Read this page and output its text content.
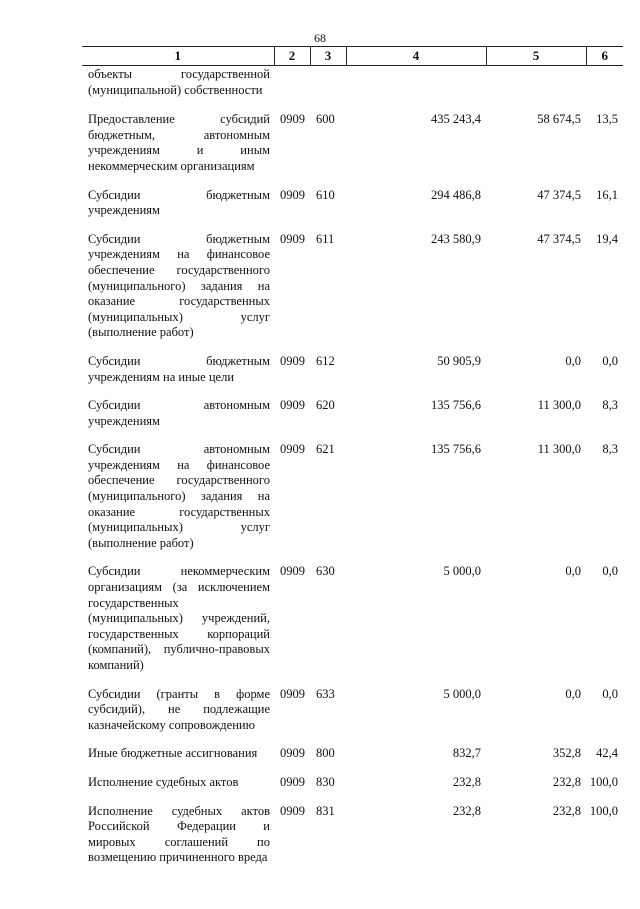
68
1	2	3	4	5	6
объекты государственной (муниципальной) собственности					
Предоставление субсидий бюджетным, автономным учреждениям и иным некоммерческим организациям	0909	600	435 243,4	58 674,5	13,5
Субсидии бюджетным учреждениям	0909	610	294 486,8	47 374,5	16,1
Субсидии бюджетным учреждениям на финансовое обеспечение государственного (муниципального) задания на оказание государственных (муниципальных) услуг (выполнение работ)	0909	611	243 580,9	47 374,5	19,4
Субсидии бюджетным учреждениям на иные цели	0909	612	50 905,9	0,0	0,0
Субсидии автономным учреждениям	0909	620	135 756,6	11 300,0	8,3
Субсидии автономным учреждениям на финансовое обеспечение государственного (муниципального) задания на оказание государственных (муниципальных) услуг (выполнение работ)	0909	621	135 756,6	11 300,0	8,3
Субсидии некоммерческим организациям (за исключением государственных (муниципальных) учреждений, государственных корпораций (компаний), публично-правовых компаний)	0909	630	5 000,0	0,0	0,0
Субсидии (гранты в форме субсидий), не подлежащие казначейскому сопровождению	0909	633	5 000,0	0,0	0,0
Иные бюджетные ассигнования	0909	800	832,7	352,8	42,4
Исполнение судебных актов	0909	830	232,8	232,8	100,0
Исполнение судебных актов Российской Федерации и мировых соглашений по возмещению причиненного вреда	0909	831	232,8	232,8	100,0
